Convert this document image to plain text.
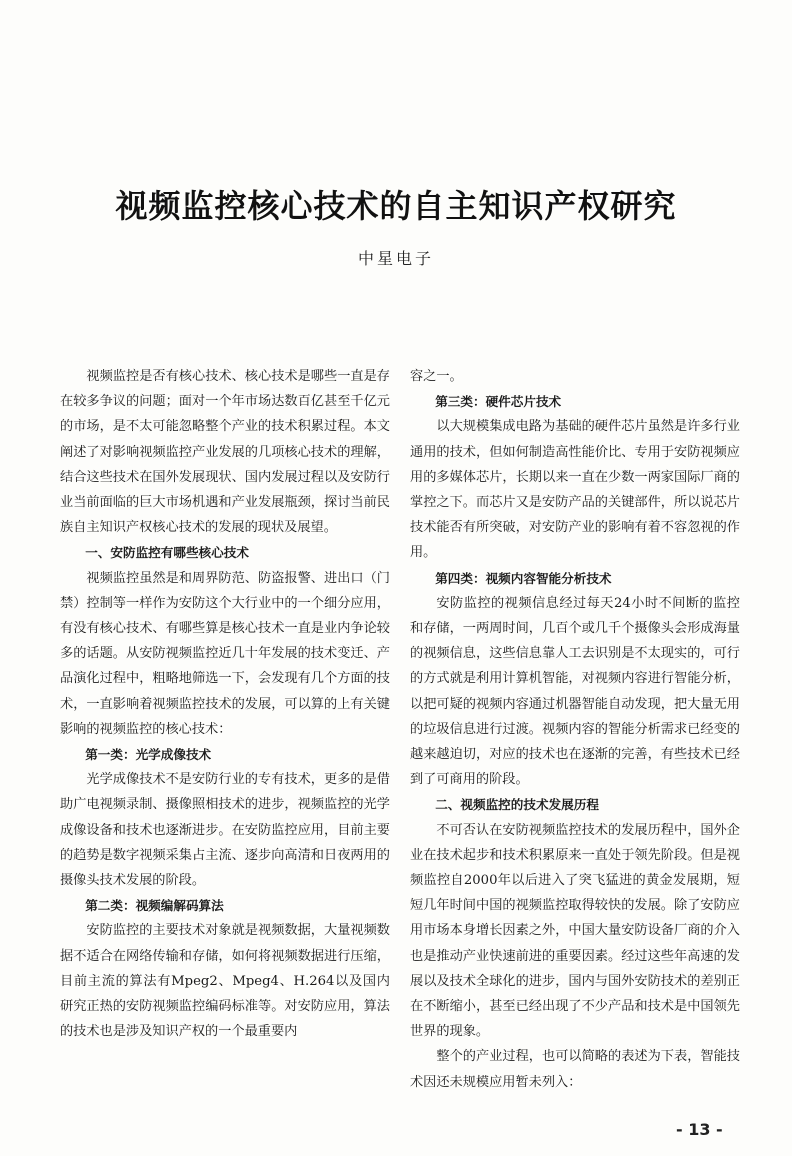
视频监控核心技术的自主知识产权研究
中星电子

视频监控是否有核心技术、核心技术是哪些一直是存在较多争议的问题；面对一个年市场达数百亿甚至千亿元的市场，是不太可能忽略整个产业的技术积累过程。本文阐述了对影响视频监控产业发展的几项核心技术的理解，结合这些技术在国外发展现状、国内发展过程以及安防行业当前面临的巨大市场机遇和产业发展瓶颈，探讨当前民族自主知识产权核心技术的发展的现状及展望。

一、安防监控有哪些核心技术

视频监控虽然是和周界防范、防盗报警、进出口（门禁）控制等一样作为安防这个大行业中的一个细分应用，有没有核心技术、有哪些算是核心技术一直是业内争论较多的话题。从安防视频监控近几十年发展的技术变迁、产品演化过程中，粗略地筛选一下，会发现有几个方面的技术，一直影响着视频监控技术的发展，可以算的上有关键影响的视频监控的核心技术：

第一类：光学成像技术

光学成像技术不是安防行业的专有技术，更多的是借助广电视频录制、摄像照相技术的进步，视频监控的光学成像设备和技术也逐渐进步。在安防监控应用，目前主要的趋势是数字视频采集占主流、逐步向高清和日夜两用的摄像头技术发展的阶段。

第二类：视频编解码算法

安防监控的主要技术对象就是视频数据，大量视频数据不适合在网络传输和存储，如何将视频数据进行压缩，目前主流的算法有Mpeg2、Mpeg4、H.264以及国内研究正热的安防视频监控编码标准等。对安防应用，算法的技术也是涉及知识产权的一个最重要内

容之一。

第三类：硬件芯片技术

以大规模集成电路为基础的硬件芯片虽然是许多行业通用的技术，但如何制造高性能价比、专用于安防视频应用的多媒体芯片，长期以来一直在少数一两家国际厂商的掌控之下。而芯片又是安防产品的关键部件，所以说芯片技术能否有所突破，对安防产业的影响有着不容忽视的作用。

第四类：视频内容智能分析技术

安防监控的视频信息经过每天24小时不间断的监控和存储，一两周时间，几百个或几千个摄像头会形成海量的视频信息，这些信息靠人工去识别是不太现实的，可行的方式就是利用计算机智能，对视频内容进行智能分析，以把可疑的视频内容通过机器智能自动发现，把大量无用的垃圾信息进行过渡。视频内容的智能分析需求已经变的越来越迫切，对应的技术也在逐渐的完善，有些技术已经到了可商用的阶段。

二、视频监控的技术发展历程

不可否认在安防视频监控技术的发展历程中，国外企业在技术起步和技术积累原来一直处于领先阶段。但是视频监控自2000年以后进入了突飞猛进的黄金发展期，短短几年时间中国的视频监控取得较快的发展。除了安防应用市场本身增长因素之外，中国大量安防设备厂商的介入也是推动产业快速前进的重要因素。经过这些年高速的发展以及技术全球化的进步，国内与国外安防技术的差别正在不断缩小，甚至已经出现了不少产品和技术是中国领先世界的现象。

整个的产业过程，也可以简略的表述为下表，智能技术因还未规模应用暂未列入：

- 13 -
